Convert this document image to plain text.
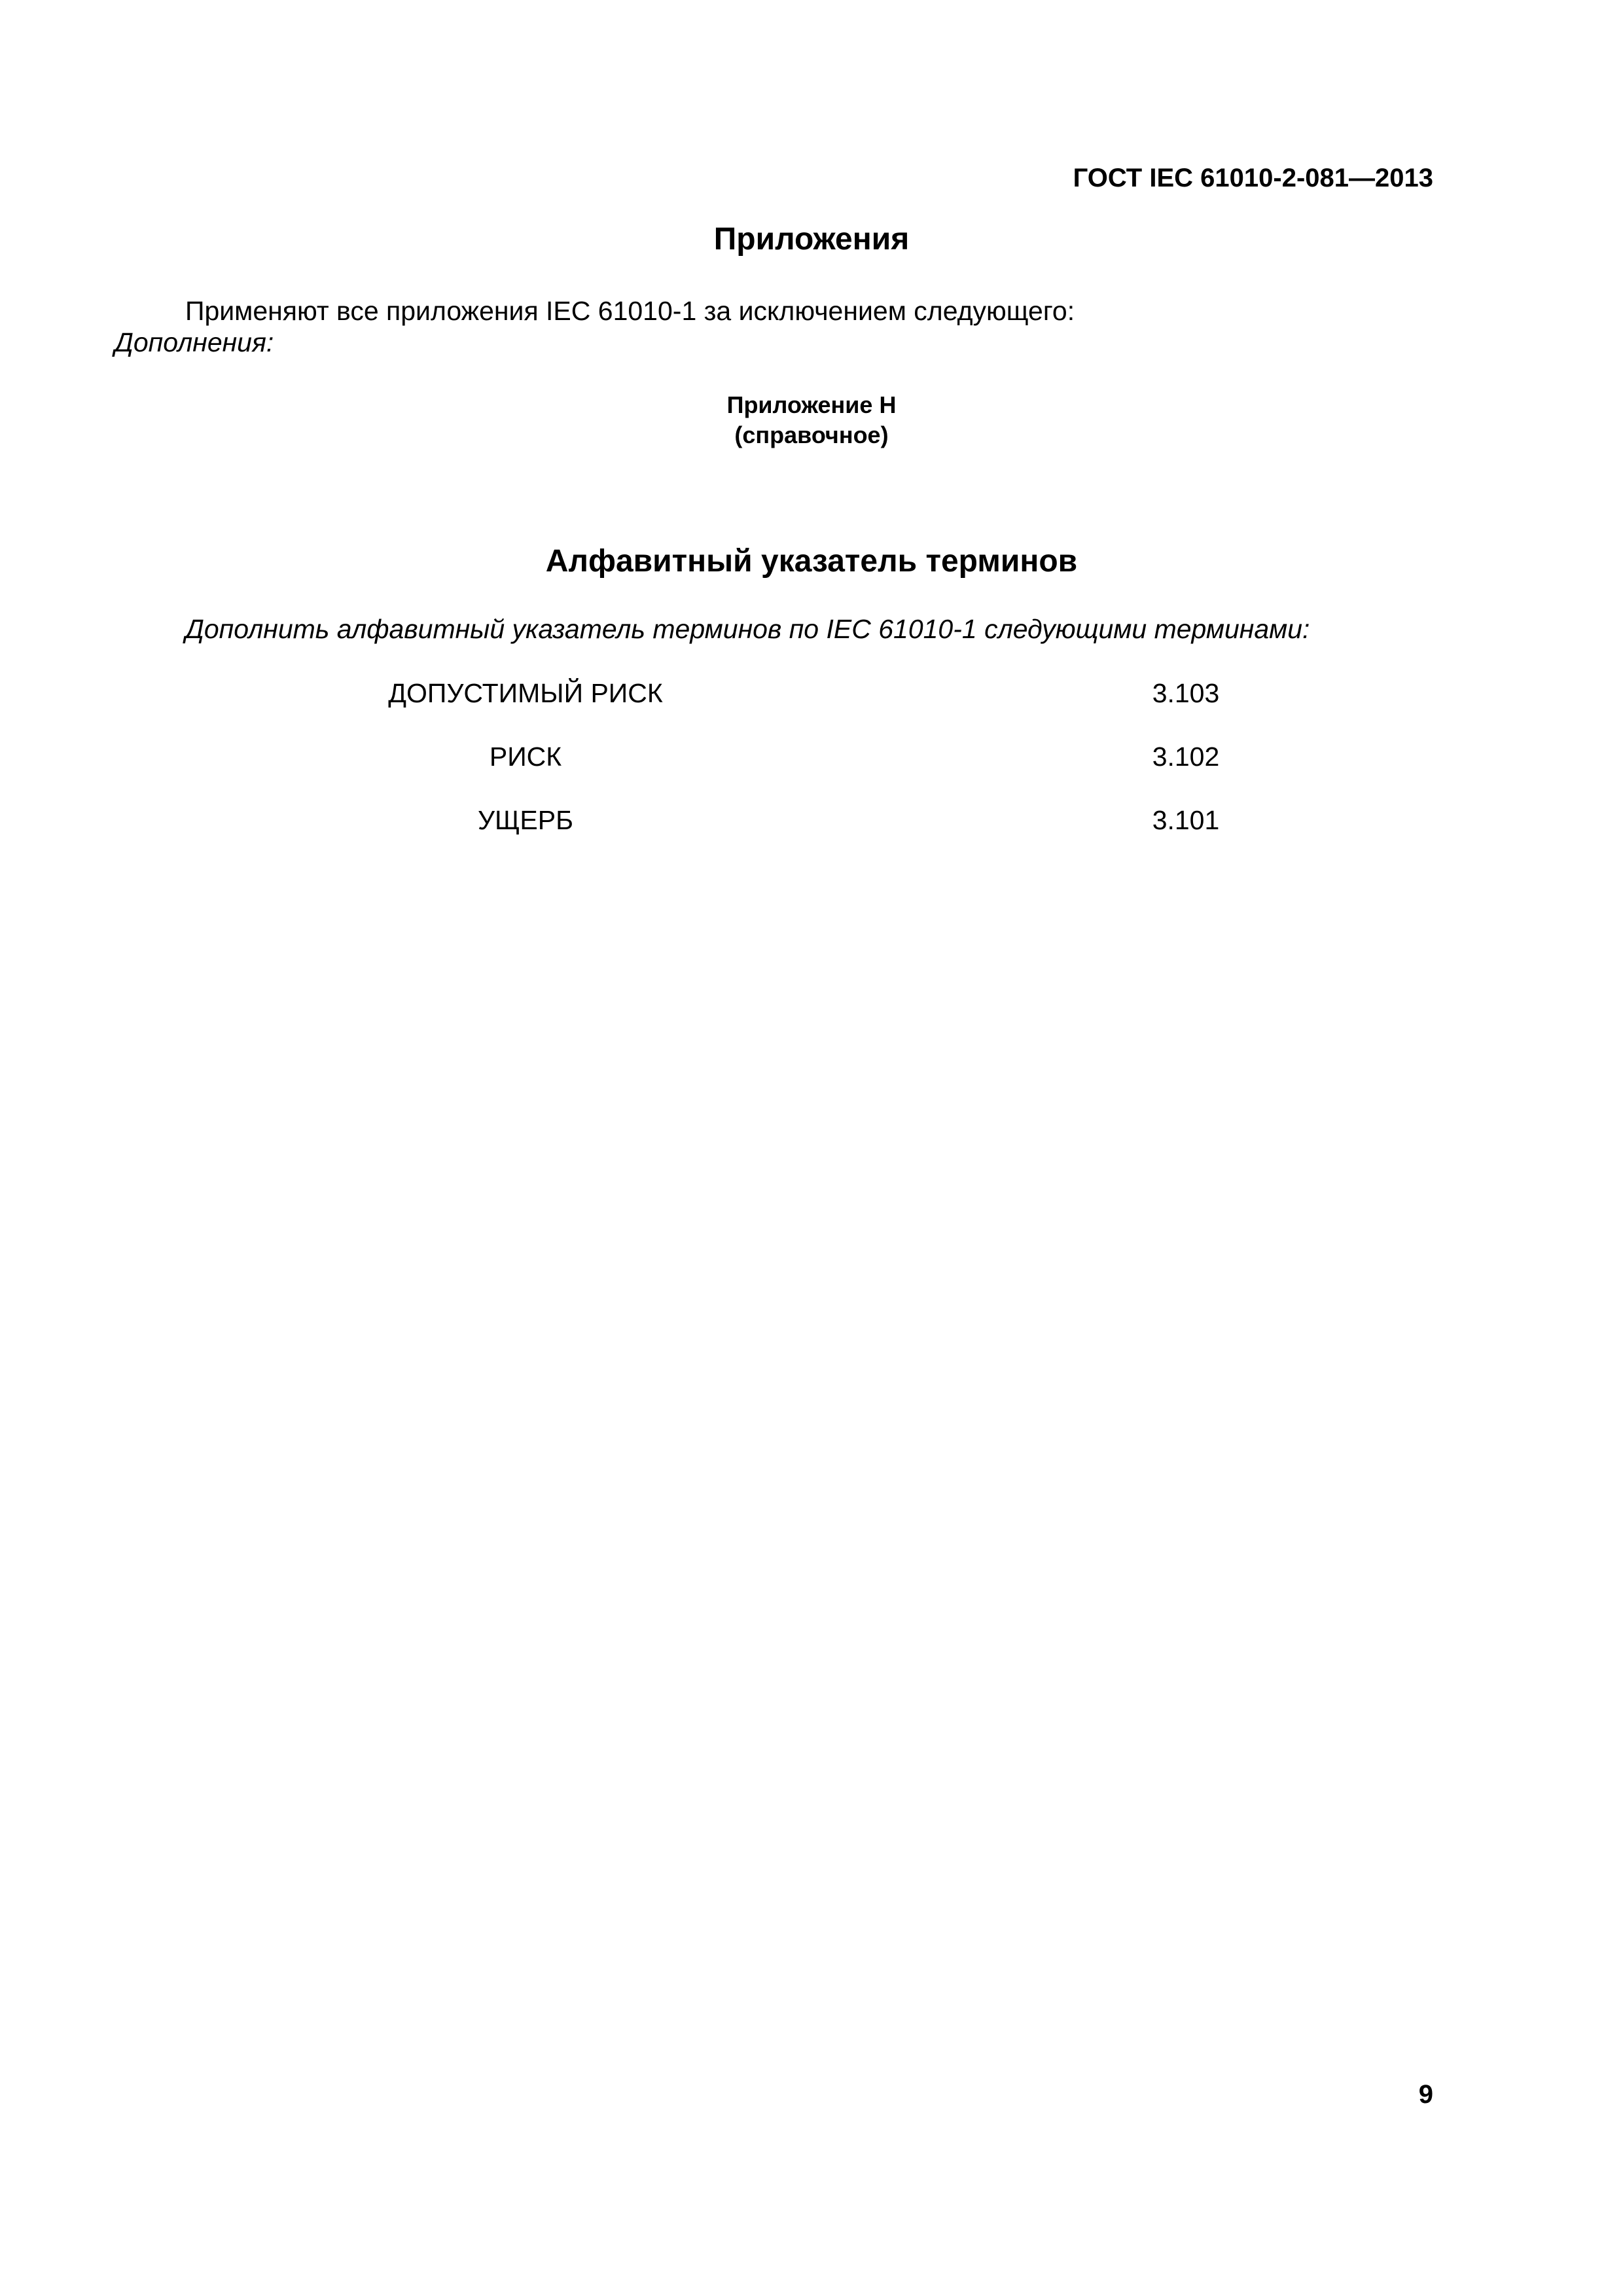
ГОСТ IEC 61010-2-081—2013

Приложения

Применяют все приложения IEC 61010-1 за исключением следующего:

Дополнения:

Приложение Н

(справочное)

Алфавитный указатель терминов

Дополнить алфавитный указатель терминов по IEC 61010-1 следующими терминами:

ДОПУСТИМЫЙ РИСК	3.103

РИСК	3.102

УЩЕРБ	3.101

9
